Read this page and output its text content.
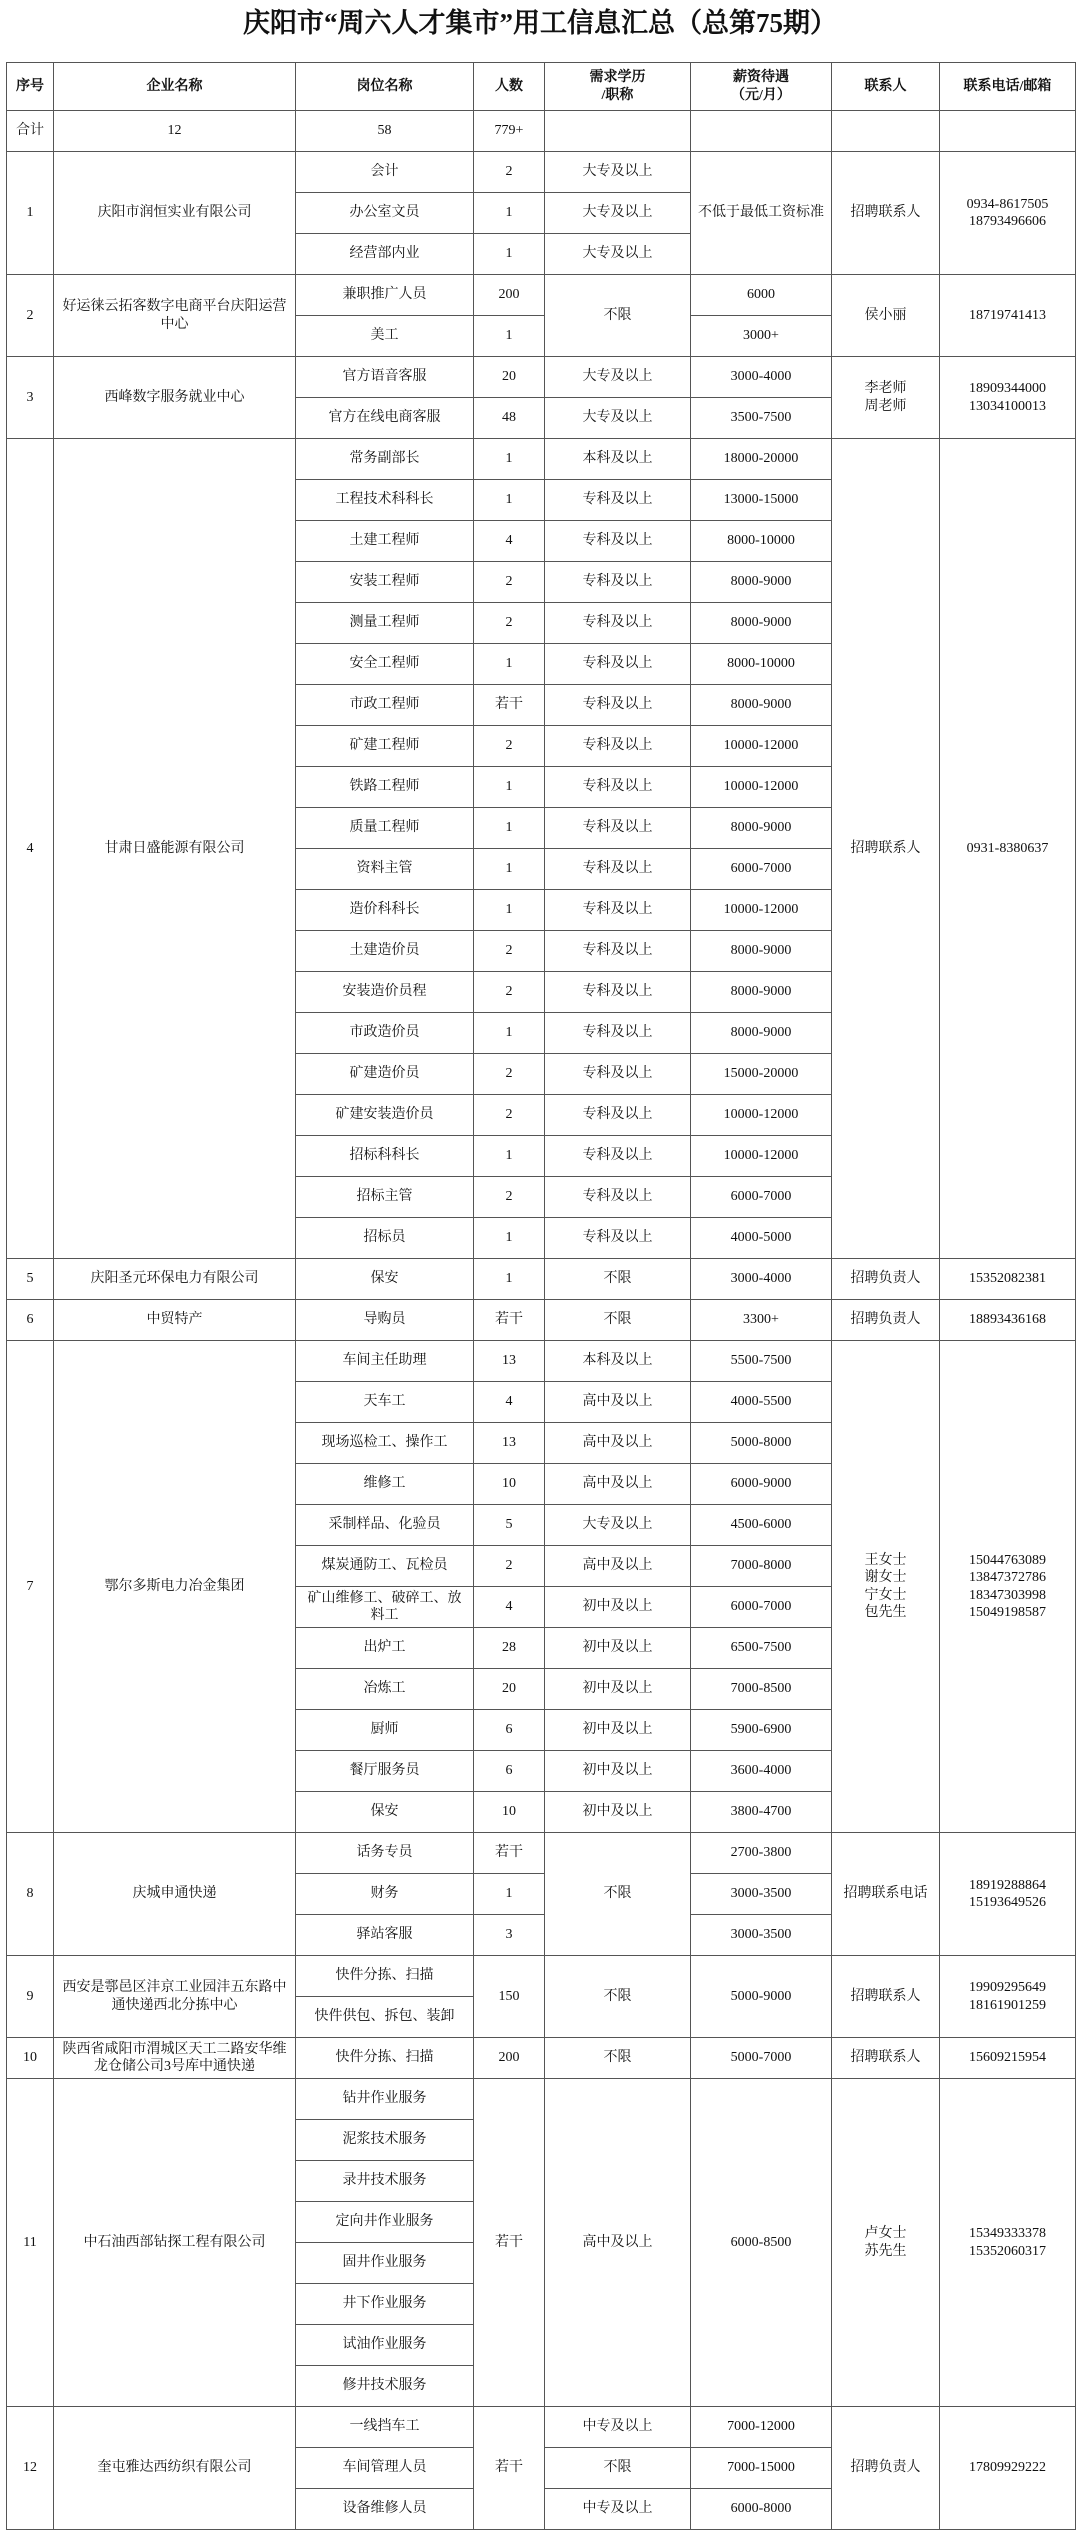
庆阳市“周六人才集市”用工信息汇总（总第75期）
序号	企业名称	岗位名称	人数	需求学历
/职称	薪资待遇
（元/月）	联系人	联系电话/邮箱
合计	12	58	779+				
1	庆阳市润恒实业有限公司	会计	2	大专及以上	不低于最低工资标准	招聘联系人	0934-8617505
18793496606

		办公室文员	1	大专及以上			
		经营部内业	1	大专及以上			
2	好运徕云拓客数字电商平台庆阳运营中心	兼职推广人员	200	不限	6000	侯小丽	18719741413

		美工	1		3000+		
3	西峰数字服务就业中心	官方语音客服	20	大专及以上	3000-4000	李老师
周老师	18909344000
13034100013

		官方在线电商客服	48	大专及以上	3500-7500		
4	甘肃日盛能源有限公司	常务副部长	1	本科及以上	18000-20000	招聘联系人	0931-8380637

		工程技术科科长	1	专科及以上	13000-15000		
		土建工程师	4	专科及以上	8000-10000		
		安装工程师	2	专科及以上	8000-9000		
		测量工程师	2	专科及以上	8000-9000		
		安全工程师	1	专科及以上	8000-10000		
		市政工程师	若干	专科及以上	8000-9000		
		矿建工程师	2	专科及以上	10000-12000		
		铁路工程师	1	专科及以上	10000-12000		
		质量工程师	1	专科及以上	8000-9000		
		资料主管	1	专科及以上	6000-7000		
		造价科科长	1	专科及以上	10000-12000		
		土建造价员	2	专科及以上	8000-9000		
		安装造价员程	2	专科及以上	8000-9000		
		市政造价员	1	专科及以上	8000-9000		
		矿建造价员	2	专科及以上	15000-20000		
		矿建安装造价员	2	专科及以上	10000-12000		
		招标科科长	1	专科及以上	10000-12000		
		招标主管	2	专科及以上	6000-7000		
		招标员	1	专科及以上	4000-5000		
5	庆阳圣元环保电力有限公司	保安	1	不限	3000-4000	招聘负责人	15352082381

6	中贸特产	导购员	若干	不限	3300+	招聘负责人	18893436168

7	鄂尔多斯电力冶金集团	车间主任助理	13	本科及以上	5500-7500	王女士
谢女士
宁女士
包先生	15044763089
13847372786
18347303998
15049198587

		天车工	4	高中及以上	4000-5500		
		现场巡检工、操作工	13	高中及以上	5000-8000		
		维修工	10	高中及以上	6000-9000		
		采制样品、化验员	5	大专及以上	4500-6000		
		煤炭通防工、瓦检员	2	高中及以上	7000-8000		
		矿山维修工、破碎工、放料工	4	初中及以上	6000-7000		
		出炉工	28	初中及以上	6500-7500		
		冶炼工	20	初中及以上	7000-8500		
		厨师	6	初中及以上	5900-6900		
		餐厅服务员	6	初中及以上	3600-4000		
		保安	10	初中及以上	3800-4700		
8	庆城申通快递	话务专员	若干	不限	2700-3800	招聘联系电话	18919288864
15193649526

		财务	1		3000-3500		
		驿站客服	3		3000-3500		
9	西安是鄠邑区沣京工业园沣五东路中通快递西北分拣中心	快件分拣、扫描	150	不限	5000-9000	招聘联系人	19909295649
18161901259

		快件供包、拆包、装卸					
10	陕西省咸阳市渭城区天工二路安华维龙仓储公司3号库中通快递	快件分拣、扫描	200	不限	5000-7000	招聘联系人	15609215954

11	中石油西部钻探工程有限公司	钻井作业服务	若干	高中及以上	6000-8500	卢女士
苏先生	15349333378
15352060317

		泥浆技术服务					
		录井技术服务					
		定向井作业服务					
		固井作业服务					
		井下作业服务					
		试油作业服务					
		修井技术服务					
12	奎屯雅达西纺织有限公司	一线挡车工	若干	中专及以上	7000-12000	招聘负责人	17809929222

		车间管理人员		不限	7000-15000		
		设备维修人员		中专及以上	6000-8000		
